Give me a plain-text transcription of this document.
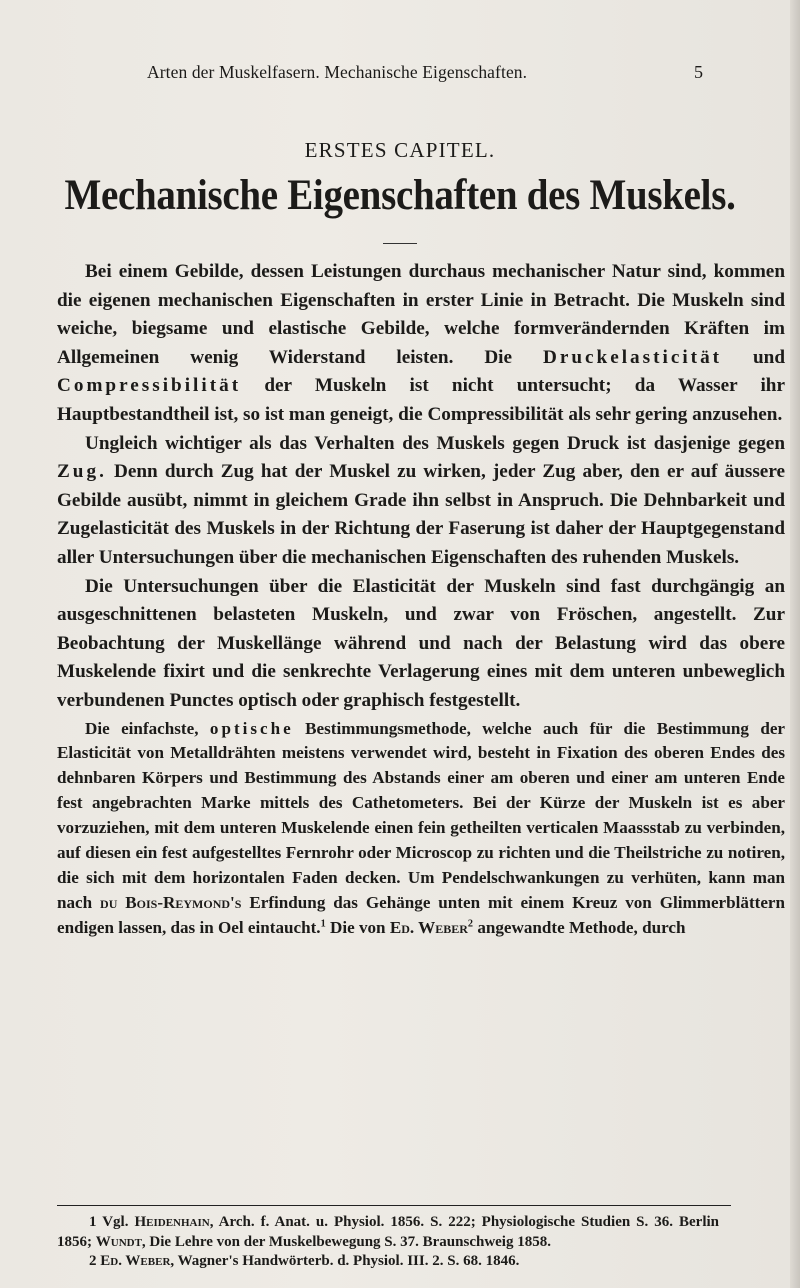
Arten der Muskelfasern. Mechanische Eigenschaften.	5
ERSTES CAPITEL.
Mechanische Eigenschaften des Muskels.

Bei einem Gebilde, dessen Leistungen durchaus mechanischer Natur sind, kommen die eigenen mechanischen Eigenschaften in erster Linie in Betracht. Die Muskeln sind weiche, biegsame und elastische Gebilde, welche formverändernden Kräften im Allgemeinen wenig Widerstand leisten. Die Druckelasticität und Compressibilität der Muskeln ist nicht untersucht; da Wasser ihr Hauptbestandtheil ist, so ist man geneigt, die Compressibilität als sehr gering anzusehen.

Ungleich wichtiger als das Verhalten des Muskels gegen Druck ist dasjenige gegen Zug. Denn durch Zug hat der Muskel zu wirken, jeder Zug aber, den er auf äussere Gebilde ausübt, nimmt in gleichem Grade ihn selbst in Anspruch. Die Dehnbarkeit und Zugelasticität des Muskels in der Richtung der Faserung ist daher der Hauptgegenstand aller Untersuchungen über die mechanischen Eigenschaften des ruhenden Muskels.

Die Untersuchungen über die Elasticität der Muskeln sind fast durchgängig an ausgeschnittenen belasteten Muskeln, und zwar von Fröschen, angestellt. Zur Beobachtung der Muskellänge während und nach der Belastung wird das obere Muskelende fixirt und die senkrechte Verlagerung eines mit dem unteren unbeweglich verbundenen Punctes optisch oder graphisch festgestellt.

Die einfachste, optische Bestimmungsmethode, welche auch für die Bestimmung der Elasticität von Metalldrähten meistens verwendet wird, besteht in Fixation des oberen Endes des dehnbaren Körpers und Bestimmung des Abstands einer am oberen und einer am unteren Ende fest angebrachten Marke mittels des Cathetometers. Bei der Kürze der Muskeln ist es aber vorzuziehen, mit dem unteren Muskelende einen fein getheilten verticalen Maassstab zu verbinden, auf diesen ein fest aufgestelltes Fernrohr oder Microscop zu richten und die Theilstriche zu notiren, die sich mit dem horizontalen Faden decken. Um Pendelschwankungen zu verhüten, kann man nach du Bois-Reymond's Erfindung das Gehänge unten mit einem Kreuz von Glimmerblättern endigen lassen, das in Oel eintaucht.$^1$ Die von Ed. Weber$^2$ angewandte Methode, durch

1 Vgl. Heidenhain, Arch. f. Anat. u. Physiol. 1856. S. 222; Physiologische Studien S. 36. Berlin 1856; Wundt, Die Lehre von der Muskelbewegung S. 37. Braunschweig 1858.

2 Ed. Weber, Wagner's Handwörterb. d. Physiol. III. 2. S. 68. 1846.
